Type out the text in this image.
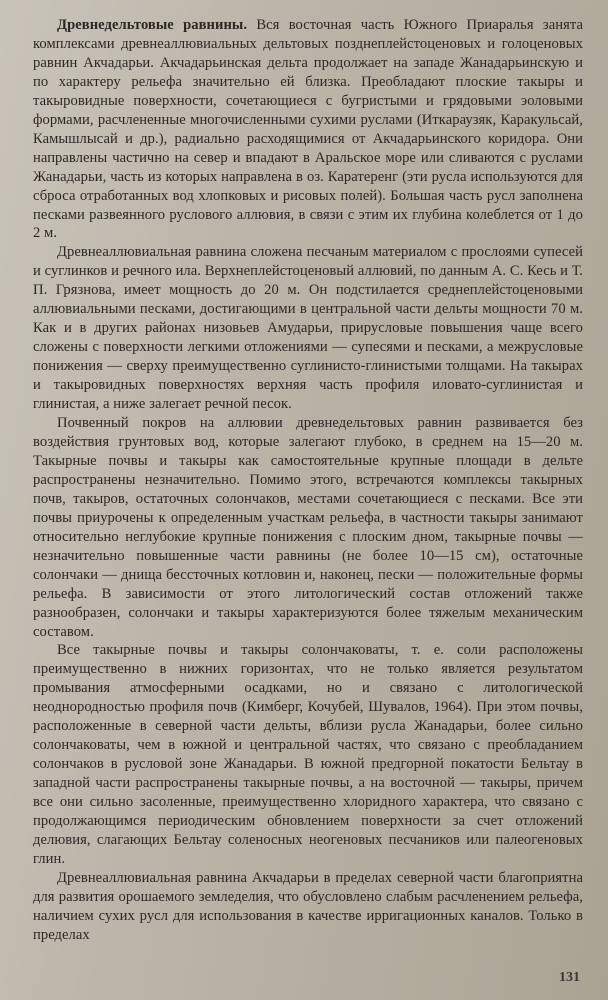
Древнедельтовые равнины. Вся восточная часть Южного Приаралья занята комплексами древнеаллювиальных дельтовых позднеплейстоценовых и голоценовых равнин Акчадарьи. Акчадарьинская дельта продолжает на западе Жанадарьинскую и по характеру рельефа значительно ей близка. Преобладают плоские такыры и такыровидные поверхности, сочетающиеся с бугристыми и грядовыми эоловыми формами, расчлененные многочисленными сухими руслами (Иткараузяк, Каракульсай, Камышлысай и др.), радиально расходящимися от Акчадарьинского коридора. Они направлены частично на север и впадают в Аральское море или сливаются с руслами Жанадарьи, часть из которых направлена в оз. Каратеренг (эти русла используются для сброса отработанных вод хлопковых и рисовых полей). Большая часть русл заполнена песками развеянного руслового аллювия, в связи с этим их глубина колеблется от 1 до 2 м.

Древнеаллювиальная равнина сложена песчаным материалом с прослоями супесей и суглинков и речного ила. Верхнеплейстоценовый аллювий, по данным А. С. Кесь и Т. П. Грязнова, имеет мощность до 20 м. Он подстилается среднеплейстоценовыми аллювиальными песками, достигающими в центральной части дельты мощности 70 м. Как и в других районах низовьев Амударьи, прирусловые повышения чаще всего сложены с поверхности легкими отложениями — супесями и песками, а межрусловые понижения — сверху преимущественно суглинисто-глинистыми толщами. На такырах и такыровидных поверхностях верхняя часть профиля иловато-суглинистая и глинистая, а ниже залегает речной песок.

Почвенный покров на аллювии древнедельтовых равнин развивается без воздействия грунтовых вод, которые залегают глубоко, в среднем на 15—20 м. Такырные почвы и такыры как самостоятельные крупные площади в дельте распространены незначительно. Помимо этого, встречаются комплексы такырных почв, такыров, остаточных солончаков, местами сочетающиеся с песками. Все эти почвы приурочены к определенным участкам рельефа, в частности такыры занимают относительно неглубокие крупные понижения с плоским дном, такырные почвы — незначительно повышенные части равнины (не более 10—15 см), остаточные солончаки — днища бессточных котловин и, наконец, пески — положительные формы рельефа. В зависимости от этого литологический состав отложений также разнообразен, солончаки и такыры характеризуются более тяжелым механическим составом.

Все такырные почвы и такыры солончаковаты, т. е. соли расположены преимущественно в нижних горизонтах, что не только является результатом промывания атмосферными осадками, но и связано с литологической неоднородностью профиля почв (Кимберг, Кочубей, Шувалов, 1964). При этом почвы, расположенные в северной части дельты, вблизи русла Жанадарьи, более сильно солончаковаты, чем в южной и центральной частях, что связано с преобладанием солончаков в русловой зоне Жанадарьи. В южной предгорной покатости Бельтау в западной части распространены такырные почвы, а на восточной — такыры, причем все они сильно засоленные, преимущественно хлоридного характера, что связано с продолжающимся периодическим обновлением поверхности за счет отложений делювия, слагающих Бельтау соленосных неогеновых песчаников или палеогеновых глин.

Древнеаллювиальная равнина Акчадарьи в пределах северной части благоприятна для развития орошаемого земледелия, что обусловлено слабым расчленением рельефа, наличием сухих русл для использования в качестве ирригационных каналов. Только в пределах

131
